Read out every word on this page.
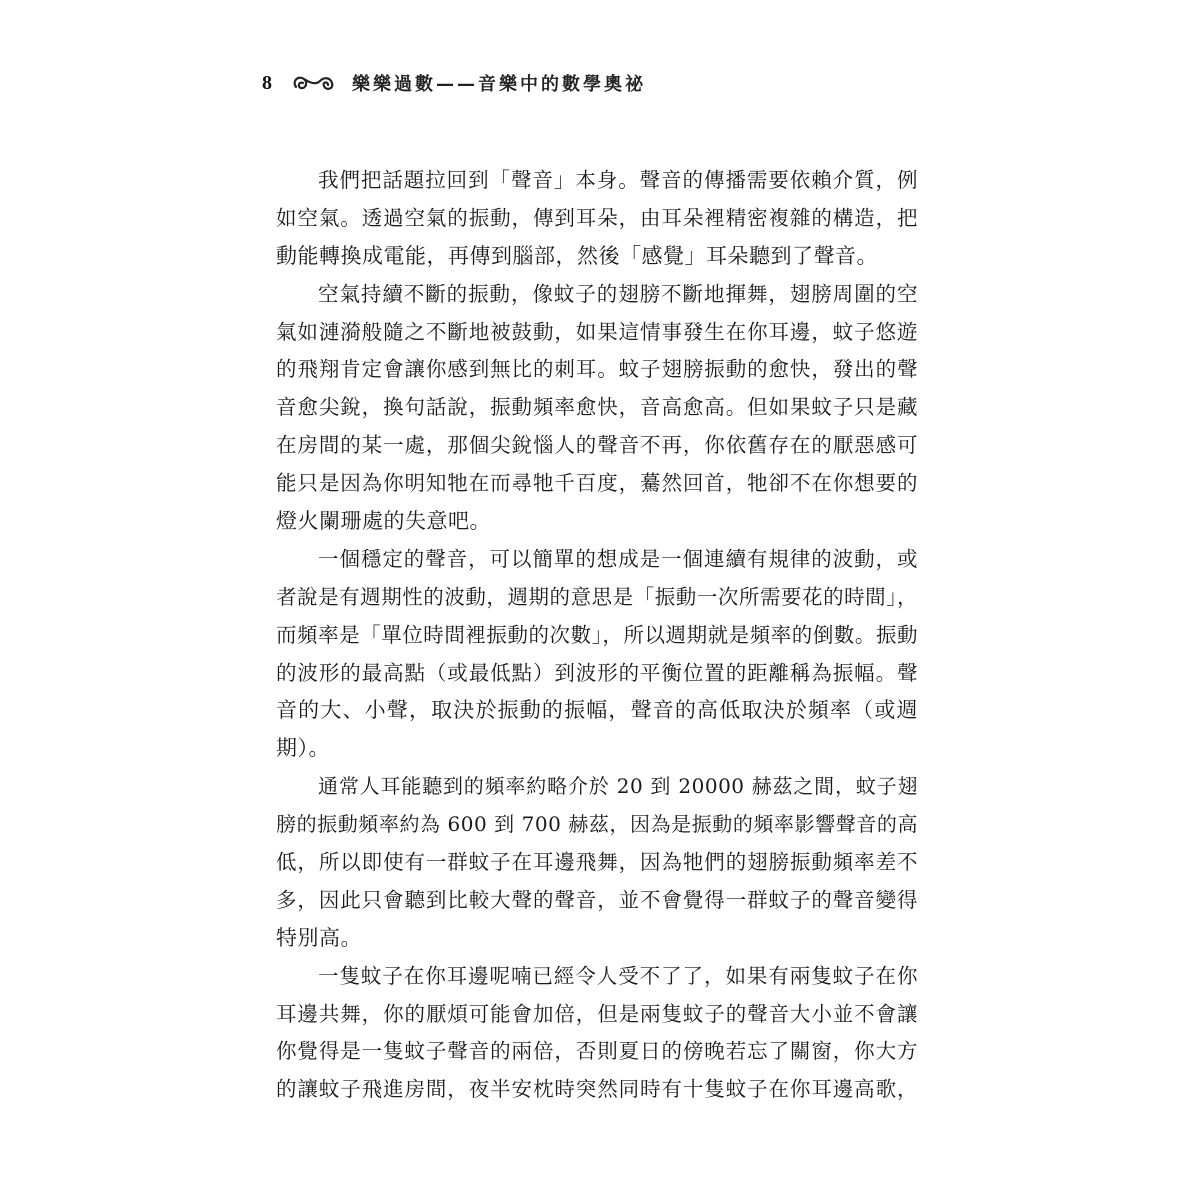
8	樂樂過數——音樂中的數學奧祕
我們把話題拉回到「聲音」本身。聲音的傳播需要依賴介質，例
如空氣。透過空氣的振動，傳到耳朵，由耳朵裡精密複雜的構造，把
動能轉換成電能，再傳到腦部，然後「感覺」耳朵聽到了聲音。
空氣持續不斷的振動，像蚊子的翅膀不斷地揮舞，翅膀周圍的空
氣如漣漪般隨之不斷地被鼓動，如果這情事發生在你耳邊，蚊子悠遊
的飛翔肯定會讓你感到無比的刺耳。蚊子翅膀振動的愈快，發出的聲
音愈尖銳，換句話說，振動頻率愈快，音高愈高。但如果蚊子只是藏
在房間的某一處，那個尖銳惱人的聲音不再，你依舊存在的厭惡感可
能只是因為你明知牠在而尋牠千百度，驀然回首，牠卻不在你想要的
燈火闌珊處的失意吧。
一個穩定的聲音，可以簡單的想成是一個連續有規律的波動，或
者說是有週期性的波動，週期的意思是「振動一次所需要花的時間」，
而頻率是「單位時間裡振動的次數」，所以週期就是頻率的倒數。振動
的波形的最高點（或最低點）到波形的平衡位置的距離稱為振幅。聲
音的大、小聲，取決於振動的振幅，聲音的高低取決於頻率（或週
期）。
通常人耳能聽到的頻率約略介於 20 到 20000 赫茲之間，蚊子翅
膀的振動頻率約為 600 到 700 赫茲，因為是振動的頻率影響聲音的高
低，所以即使有一群蚊子在耳邊飛舞，因為牠們的翅膀振動頻率差不
多，因此只會聽到比較大聲的聲音，並不會覺得一群蚊子的聲音變得
特別高。
一隻蚊子在你耳邊呢喃已經令人受不了了，如果有兩隻蚊子在你
耳邊共舞，你的厭煩可能會加倍，但是兩隻蚊子的聲音大小並不會讓
你覺得是一隻蚊子聲音的兩倍，否則夏日的傍晚若忘了關窗，你大方
的讓蚊子飛進房間，夜半安枕時突然同時有十隻蚊子在你耳邊高歌，
